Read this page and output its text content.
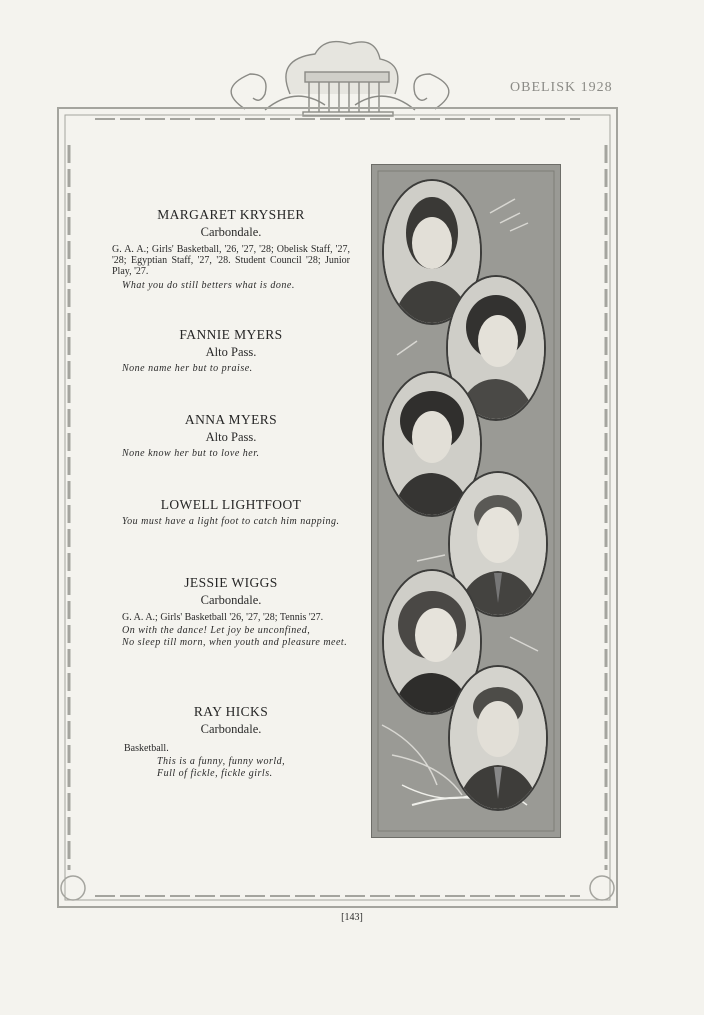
OBELISK 1928

MARGARET KRYSHER

Carbondale.

G. A. A.; Girls' Basketball, '26, '27, '28; Obelisk Staff, '27, '28; Egyptian Staff, '27, '28. Student Council '28; Junior Play, '27.

What you do still betters what is done.

FANNIE MYERS

Alto Pass.

None name her but to praise.

ANNA MYERS

Alto Pass.

None know her but to love her.

LOWELL LIGHTFOOT

You must have a light foot to catch him napping.

JESSIE WIGGS

Carbondale.

G. A. A.; Girls' Basketball '26, '27, '28; Tennis '27.

On with the dance! Let joy be unconfined,

No sleep till morn, when youth and pleasure meet.

RAY HICKS

Carbondale.

Basketball.

This is a funny, funny world,

Full of fickle, fickle girls.

[143]
